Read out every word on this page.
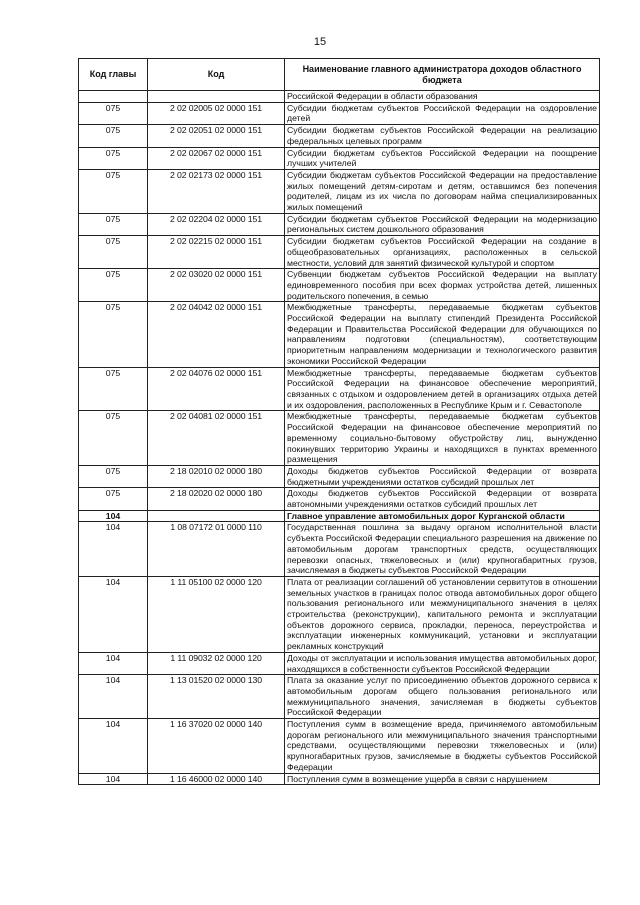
15
Код главы	Код	Наименование главного администратора доходов областного бюджета
		Российской Федерации в области образования
075	2 02 02005 02 0000 151	Субсидии бюджетам субъектов Российской Федерации на оздоровление детей
075	2 02 02051 02 0000 151	Субсидии бюджетам субъектов Российской Федерации на реализацию федеральных целевых программ
075	2 02 02067 02 0000 151	Субсидии бюджетам субъектов Российской Федерации на поощрение лучших учителей
075	2 02 02173 02 0000 151	Субсидии бюджетам субъектов Российской Федерации на предоставление жилых помещений детям-сиротам и детям, оставшимся без попечения родителей, лицам из их числа по договорам найма специализированных жилых помещений
075	2 02 02204 02 0000 151	Субсидии бюджетам субъектов Российской Федерации на модернизацию региональных систем дошкольного образования
075	2 02 02215 02 0000 151	Субсидии бюджетам субъектов Российской Федерации на создание в общеобразовательных организациях, расположенных в сельской местности, условий для занятий физической культурой и спортом
075	2 02 03020 02 0000 151	Субвенции бюджетам субъектов Российской Федерации на выплату единовременного пособия при всех формах устройства детей, лишенных родительского попечения, в семью
075	2 02 04042 02 0000 151	Межбюджетные трансферты, передаваемые бюджетам субъектов Российской Федерации на выплату стипендий Президента Российской Федерации и Правительства Российской Федерации для обучающихся по направлениям подготовки (специальностям), соответствующим приоритетным направлениям модернизации и технологического развития экономики Российской Федерации
075	2 02 04076 02 0000 151	Межбюджетные трансферты, передаваемые бюджетам субъектов Российской Федерации на финансовое обеспечение мероприятий, связанных с отдыхом и оздоровлением детей в организациях отдыха детей и их оздоровления, расположенных в Республике Крым и г. Севастополе
075	2 02 04081 02 0000 151	Межбюджетные трансферты, передаваемые бюджетам субъектов Российской Федерации на финансовое обеспечение мероприятий по временному социально-бытовому обустройству лиц, вынужденно покинувших территорию Украины и находящихся в пунктах временного размещения
075	2 18 02010 02 0000 180	Доходы бюджетов субъектов Российской Федерации от возврата бюджетными учреждениями остатков субсидий прошлых лет
075	2 18 02020 02 0000 180	Доходы бюджетов субъектов Российской Федерации от возврата автономными учреждениями остатков субсидий прошлых лет
104		Главное управление автомобильных дорог Курганской области
104	1 08 07172 01 0000 110	Государственная пошлина за выдачу органом исполнительной власти субъекта Российской Федерации специального разрешения на движение по автомобильным дорогам транспортных средств, осуществляющих перевозки опасных, тяжеловесных и (или) крупногабаритных грузов, зачисляемая в бюджеты субъектов Российской Федерации
104	1 11 05100 02 0000 120	Плата от реализации соглашений об установлении сервитутов в отношении земельных участков в границах полос отвода автомобильных дорог общего пользования регионального или межмуниципального значения в целях строительства (реконструкции), капитального ремонта и эксплуатации объектов дорожного сервиса, прокладки, переноса, переустройства и эксплуатации инженерных коммуникаций, установки и эксплуатации рекламных конструкций
104	1 11 09032 02 0000 120	Доходы от эксплуатации и использования имущества автомобильных дорог, находящихся в собственности субъектов Российской Федерации
104	1 13 01520 02 0000 130	Плата за оказание услуг по присоединению объектов дорожного сервиса к автомобильным дорогам общего пользования регионального или межмуниципального значения, зачисляемая в бюджеты субъектов Российской Федерации
104	1 16 37020 02 0000 140	Поступления сумм в возмещение вреда, причиняемого автомобильным дорогам регионального или межмуниципального значения транспортными средствами, осуществляющими перевозки тяжеловесных и (или) крупногабаритных грузов, зачисляемые в бюджеты субъектов Российской Федерации
104	1 16 46000 02 0000 140	Поступления сумм в возмещение ущерба в связи с нарушением
